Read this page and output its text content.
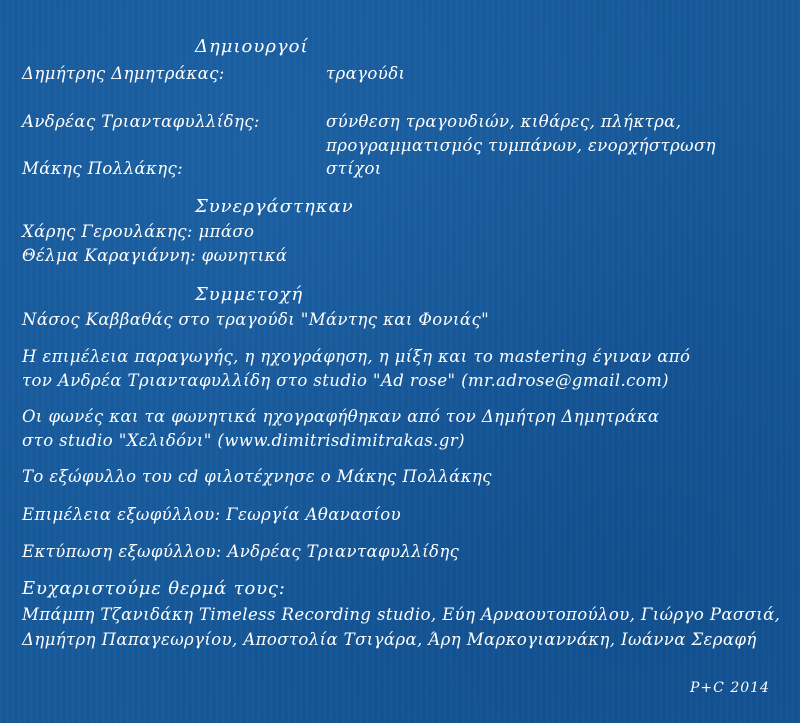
Δημιουργοί
Δημήτρης Δημητράκας:	τραγούδι
Ανδρέας Τριανταφυλλίδης:	σύνθεση τραγουδιών, κιθάρες, πλήκτρα,
προγραμματισμός τυμπάνων, ενορχήστρωση
Μάκης Πολλάκης:	στίχοι
Συνεργάστηκαν
Χάρης Γερουλάκης: μπάσο
Θέλμα Καραγιάννη: φωνητικά
Συμμετοχή
Νάσος Καββαθάς στο τραγούδι "Μάντης και Φονιάς"
Η επιμέλεια παραγωγής, η ηχογράφηση, η μίξη και το mastering έγιναν από
τον Ανδρέα Τριανταφυλλίδη στο studio "Ad rose" (mr.adrose@gmail.com)
Οι φωνές και τα φωνητικά ηχογραφήθηκαν από τον Δημήτρη Δημητράκα
στο studio "Χελιδόνι" (www.dimitrisdimitrakas.gr)
Το εξώφυλλο του cd φιλοτέχνησε ο Μάκης Πολλάκης
Επιμέλεια εξωφύλλου: Γεωργία Αθανασίου
Εκτύπωση εξωφύλλου: Ανδρέας Τριανταφυλλίδης
Ευχαριστούμε θερμά τους:
Μπάμπη Τζανιδάκη Timeless Recording studio, Εύη Αρναουτοπούλου, Γιώργο Ρασσιά,
Δημήτρη Παπαγεωργίου, Αποστολία Τσιγάρα, Άρη Μαρκογιαννάκη, Ιωάννα Σεραφή
P+C 2014
